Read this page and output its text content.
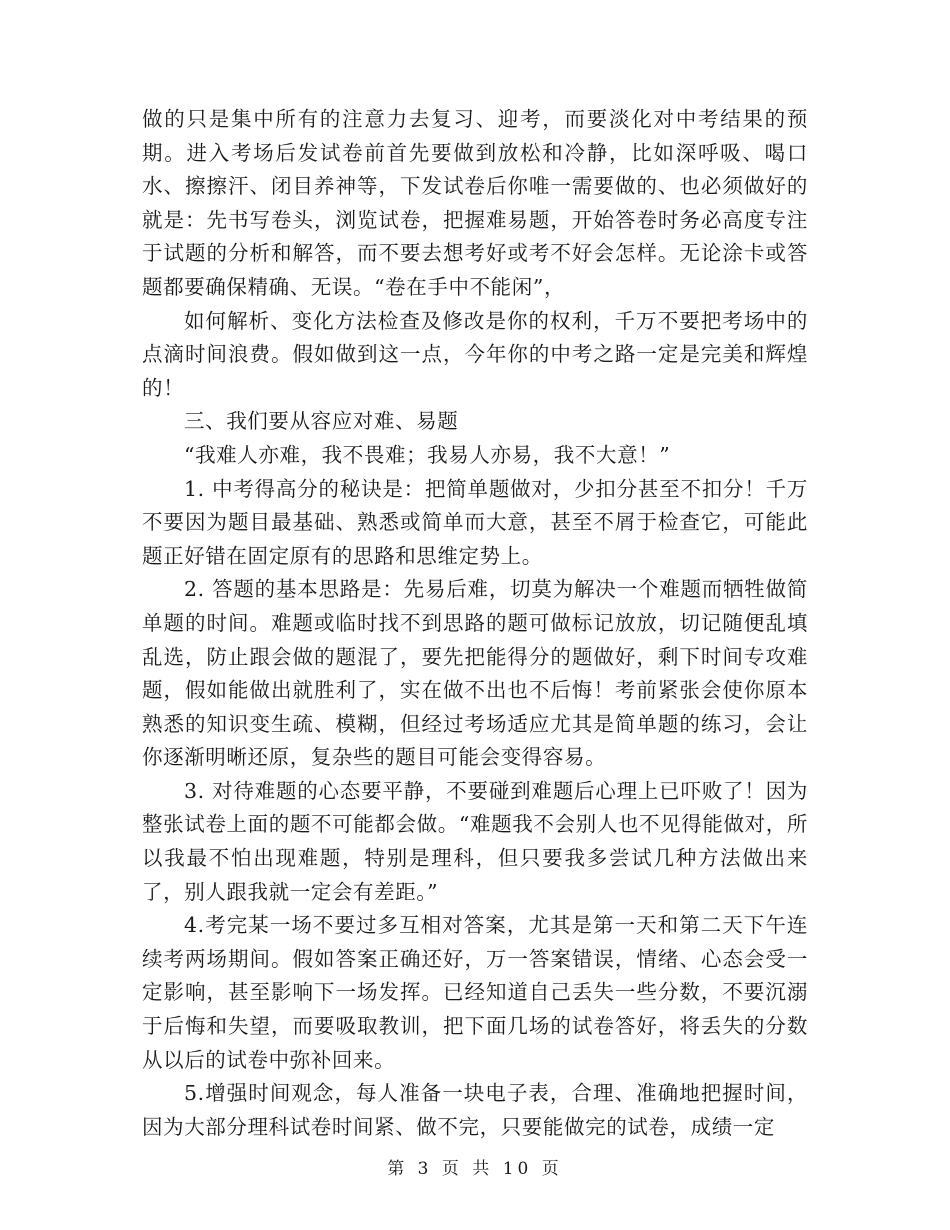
做的只是集中所有的注意力去复习、迎考，而要淡化对中考结果的预期。进入考场后发试卷前首先要做到放松和冷静，比如深呼吸、喝口水、擦擦汗、闭目养神等，下发试卷后你唯一需要做的、也必须做好的就是：先书写卷头，浏览试卷，把握难易题，开始答卷时务必高度专注于试题的分析和解答，而不要去想考好或考不好会怎样。无论涂卡或答题都要确保精确、无误。“卷在手中不能闲”，

如何解析、变化方法检查及修改是你的权利，千万不要把考场中的点滴时间浪费。假如做到这一点，今年你的中考之路一定是完美和辉煌的！

三、我们要从容应对难、易题

“我难人亦难，我不畏难；我易人亦易，我不大意！”

1. 中考得高分的秘诀是：把简单题做对，少扣分甚至不扣分！千万不要因为题目最基础、熟悉或简单而大意，甚至不屑于检查它，可能此题正好错在固定原有的思路和思维定势上。

2. 答题的基本思路是：先易后难，切莫为解决一个难题而牺牲做简单题的时间。难题或临时找不到思路的题可做标记放放，切记随便乱填乱选，防止跟会做的题混了，要先把能得分的题做好，剩下时间专攻难题，假如能做出就胜利了，实在做不出也不后悔！考前紧张会使你原本熟悉的知识变生疏、模糊，但经过考场适应尤其是简单题的练习，会让你逐渐明晰还原，复杂些的题目可能会变得容易。

3. 对待难题的心态要平静，不要碰到难题后心理上已吓败了！因为整张试卷上面的题不可能都会做。“难题我不会别人也不见得能做对，所以我最不怕出现难题，特别是理科，但只要我多尝试几种方法做出来了，别人跟我就一定会有差距。”

4.考完某一场不要过多互相对答案，尤其是第一天和第二天下午连续考两场期间。假如答案正确还好，万一答案错误，情绪、心态会受一定影响，甚至影响下一场发挥。已经知道自己丢失一些分数，不要沉溺于后悔和失望，而要吸取教训，把下面几场的试卷答好，将丢失的分数从以后的试卷中弥补回来。

5.增强时间观念，每人准备一块电子表，合理、准确地把握时间，因为大部分理科试卷时间紧、做不完，只要能做完的试卷，成绩一定

第 3 页 共 10 页
